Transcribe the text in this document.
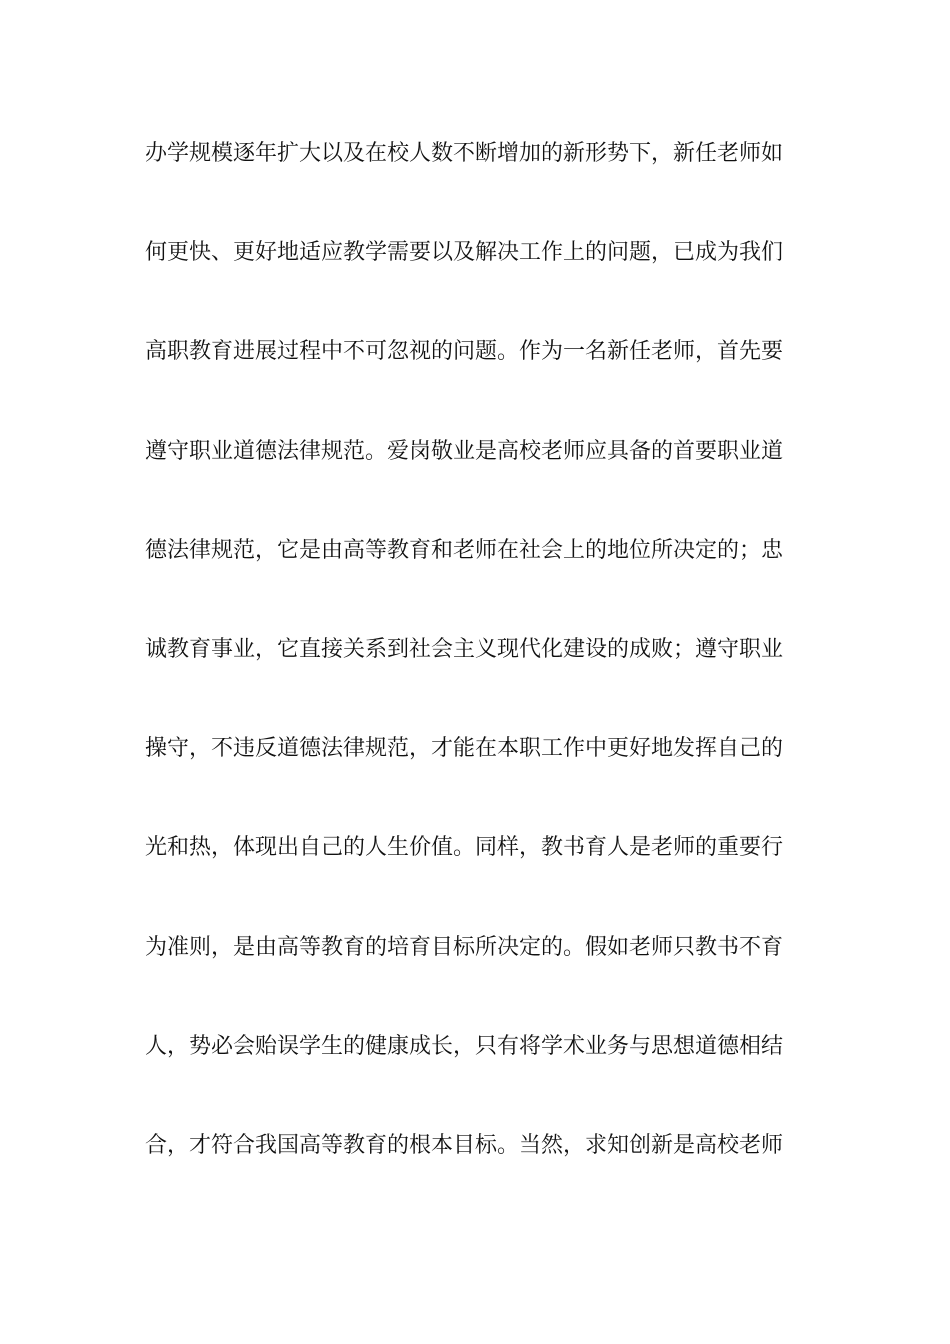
办学规模逐年扩大以及在校人数不断增加的新形势下，新任老师如
何更快、更好地适应教学需要以及解决工作上的问题，已成为我们
高职教育进展过程中不可忽视的问题。作为一名新任老师，首先要
遵守职业道德法律规范。爱岗敬业是高校老师应具备的首要职业道
德法律规范，它是由高等教育和老师在社会上的地位所决定的；忠
诚教育事业，它直接关系到社会主义现代化建设的成败；遵守职业
操守，不违反道德法律规范，才能在本职工作中更好地发挥自己的
光和热，体现出自己的人生价值。同样，教书育人是老师的重要行
为准则，是由高等教育的培育目标所决定的。假如老师只教书不育
人，势必会贻误学生的健康成长，只有将学术业务与思想道德相结
合，才符合我国高等教育的根本目标。当然，求知创新是高校老师
